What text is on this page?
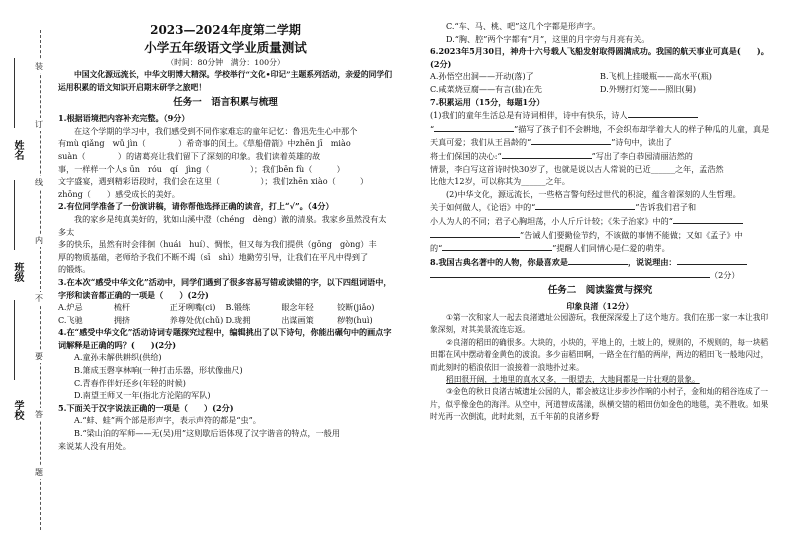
姓名
班级
学校
装
订
线
内
不
要
答
题

2023—2024年度第二学期

小学五年级语文学业质量测试

（时间：80分钟　满分：100分）

中国文化源远流长，中华文明博大精深。学校举行“文化•印记”主题系列活动，亲爱的同学们运用积累的语文知识开启期末研学之旅吧！

任务一　语言积累与梳理

1.根据语境把内容补充完整。（9分）

在这个学期的学习中，我们感受到不同作家难忘的童年记忆：鲁迅先生心中那个

有mù qiǎng　wǔ jìn（　　　　）希奇事的闰土。《草船借箭》中zhēn jī　miào

suàn（　　　　）的诸葛亮让我们留下了深刻的印象。我们读着英雄的故

事，一样样一个人s ūn　róu　qí　jìng（　　　　　）；我们bēn fù（　　　）

文字盛宴，遇到精彩语段时，我们会在这里（　　　　　）；我们zhēn xiào（　　　）

zhōng（　　）感受成长的美好。

2.有位同学准备了一份演讲稿，请你帮他选择正确的读音，打上“√”。（4分）

我的家乡是纯真美好的，犹如山溪中澄（chéng　dèng）澈的清泉。我家乡虽然没有太多太

多的快乐，虽然有时会徘徊（huái　huí）、惆怅，但又每为我们提供（gōng　gòng）丰

厚的物质基础，老师给予我们不断不竭（sī　shì）地勤劳引导，让我们在平凡中得到了

的锻炼。

3.在本次“感受中华文化”活动中，同学们遇到了很多容易写错或读错的字，以下四组词语中，字形和读音都正确的一项是（　　）(2分)

A.炉忌	梳杆	正牙咧嘴(ci)	B.锻练	眼念年轻	铰断(jiǎo)
C.飞驰	拥挤	养尊处优(chǔ) D.珑拥	出谋画策	秽物(huì)

4.在“感受中华文化”活动诗词专题探究过程中，编辑挑出了以下诗句，你能出碾句中的画点字词解释是正确的吗？(　　)(2分)

A.童孙未解供耕织(供给)

B.箫成玉磬享林响(一种打击乐器，形状像曲尺)

C.青春作伴好还乡(年轻的时候)

D.南望王师又一年(指北方沦陷的军队)

5.下面关于汉字说法正确的一项是（　　）(2分)

A.“蚌、蛙”两个部是形声字，表示声符的都是“虫”。

B.“梁山泊的军师——无(吴)用”这则歇后语体现了汉字谐音的特点，一般用

来说某人没有用处。

C.“车、马、桃、吧”这几个字都是形声字。

D.“胸、腔”两个字都有“月”，这里的月字旁与月亮有关。

6.2023年5月30日，神舟十六号载人飞船发射取得圆满成功。我国的航天事业可真是(　　)。(2分)

A.孙悟空出洞——开动(落)了	B.飞机上挂暖瓶——高水平(瓶)
C.咸菜烧豆腐——有言(盐)在先	D.外甥打灯笼——照旧(舅)

7.积累运用（15分，每题1分）

(1)我们的童年生活总是有诗词相伴，诗中有快乐，诗人

“	”描写了孩子们不会耕地，不会织布却学着大人的样子种瓜的儿童，真是

天真可爱；我们从王昌龄的“	”诗句中，读出了

将士们保国的决心:“	”写出了李白恭园清丽洁然的

情景，李白写这首诗时快30岁了，也就是说以古人常说的已近______之年，孟浩然

比他大12岁，可以称其为______之年。

(2)中华文化，源远流长，一些格言警句经过世代的积淀，蕴含着深刻的人生哲理。

关于如何做人，《论语》中的“	”告诉我们君子和

小人为人的不同；君子心胸坦荡，小人斤斤计较；《朱子治家》中的“

”告诫人们要勤俭节约，不该做的事情不能做；又如《孟子》中

的“	”提醒人们同情心是仁爱的萌芽。

8.我国古典名著中的人物，你最喜欢是	，说说理由：

（2分）

任务二　阅读鉴赏与探究

印象良渚（12分）

①第一次和家人一起去良渚遗址公园游玩，我便深深爱上了这个地方。我们在那一家一本让我印象深刻，对其美景流连忘返。

②良渚的稻田的确很多。大块的，小块的，平地上的，土坡上的，规则的，不规则的，每一块稻田都在风中摆动着金黄色的波浪。多少亩稻田啊，一路全在行船的两岸，两边的稻田飞一般地闪过，而此刻时的稻浪依旧一浪接着一浪地扑过来。

稻田很开阔，土地里的真水又多，一眼望去，大地间都是一片壮观的景象。

③金色的秋日良渚古城遗址公园的人，都会被这让步步沙作响的小村子，金和灿的稻谷连成了一片，似乎像金色的海洋。从空中，河道替成荡漾，纵横交错的稻田仿如金色的地毯，美不胜收。如果时光再一次倒流，此时此刻，五千年前的良渚乡野
